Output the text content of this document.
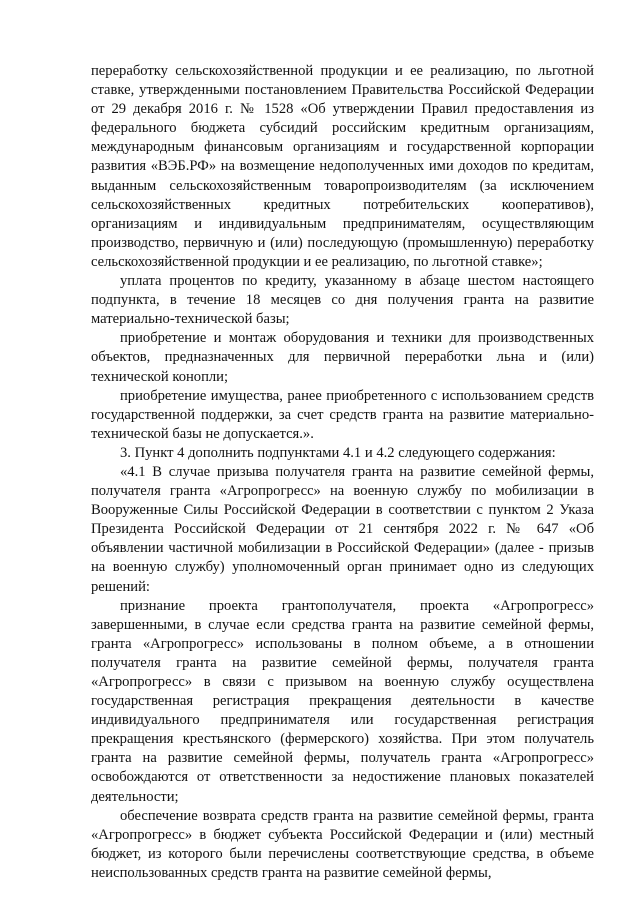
переработку сельскохозяйственной продукции и ее реализацию, по льготной ставке, утвержденными постановлением Правительства Российской Федерации от 29 декабря 2016 г. № 1528 «Об утверждении Правил предоставления из федерального бюджета субсидий российским кредитным организациям, международным финансовым организациям и государственной корпорации развития «ВЭБ.РФ» на возмещение недополученных ими доходов по кредитам, выданным сельскохозяйственным товаропроизводителям (за исключением сельскохозяйственных кредитных потребительских кооперативов), организациям и индивидуальным предпринимателям, осуществляющим производство, первичную и (или) последующую (промышленную) переработку сельскохозяйственной продукции и ее реализацию, по льготной ставке»;

уплата процентов по кредиту, указанному в абзаце шестом настоящего подпункта, в течение 18 месяцев со дня получения гранта на развитие материально-технической базы;

приобретение и монтаж оборудования и техники для производственных объектов, предназначенных для первичной переработки льна и (или) технической конопли;

приобретение имущества, ранее приобретенного с использованием средств государственной поддержки, за счет средств гранта на развитие материально-технической базы не допускается.».

3. Пункт 4 дополнить подпунктами 4.1 и 4.2 следующего содержания:

«4.1 В случае призыва получателя гранта на развитие семейной фермы, получателя гранта «Агропрогресс» на военную службу по мобилизации в Вооруженные Силы Российской Федерации в соответствии с пунктом 2 Указа Президента Российской Федерации от 21 сентября 2022 г. № 647 «Об объявлении частичной мобилизации в Российской Федерации» (далее - призыв на военную службу) уполномоченный орган принимает одно из следующих решений:

признание проекта грантополучателя, проекта «Агропрогресс» завершенными, в случае если средства гранта на развитие семейной фермы, гранта «Агропрогресс» использованы в полном объеме, а в отношении получателя гранта на развитие семейной фермы, получателя гранта «Агропрогресс» в связи с призывом на военную службу осуществлена государственная регистрация прекращения деятельности в качестве индивидуального предпринимателя или государственная регистрация прекращения крестьянского (фермерского) хозяйства. При этом получатель гранта на развитие семейной фермы, получатель гранта «Агропрогресс» освобождаются от ответственности за недостижение плановых показателей деятельности;

обеспечение возврата средств гранта на развитие семейной фермы, гранта «Агропрогресс» в бюджет субъекта Российской Федерации и (или) местный бюджет, из которого были перечислены соответствующие средства, в объеме неиспользованных средств гранта на развитие семейной фермы,
